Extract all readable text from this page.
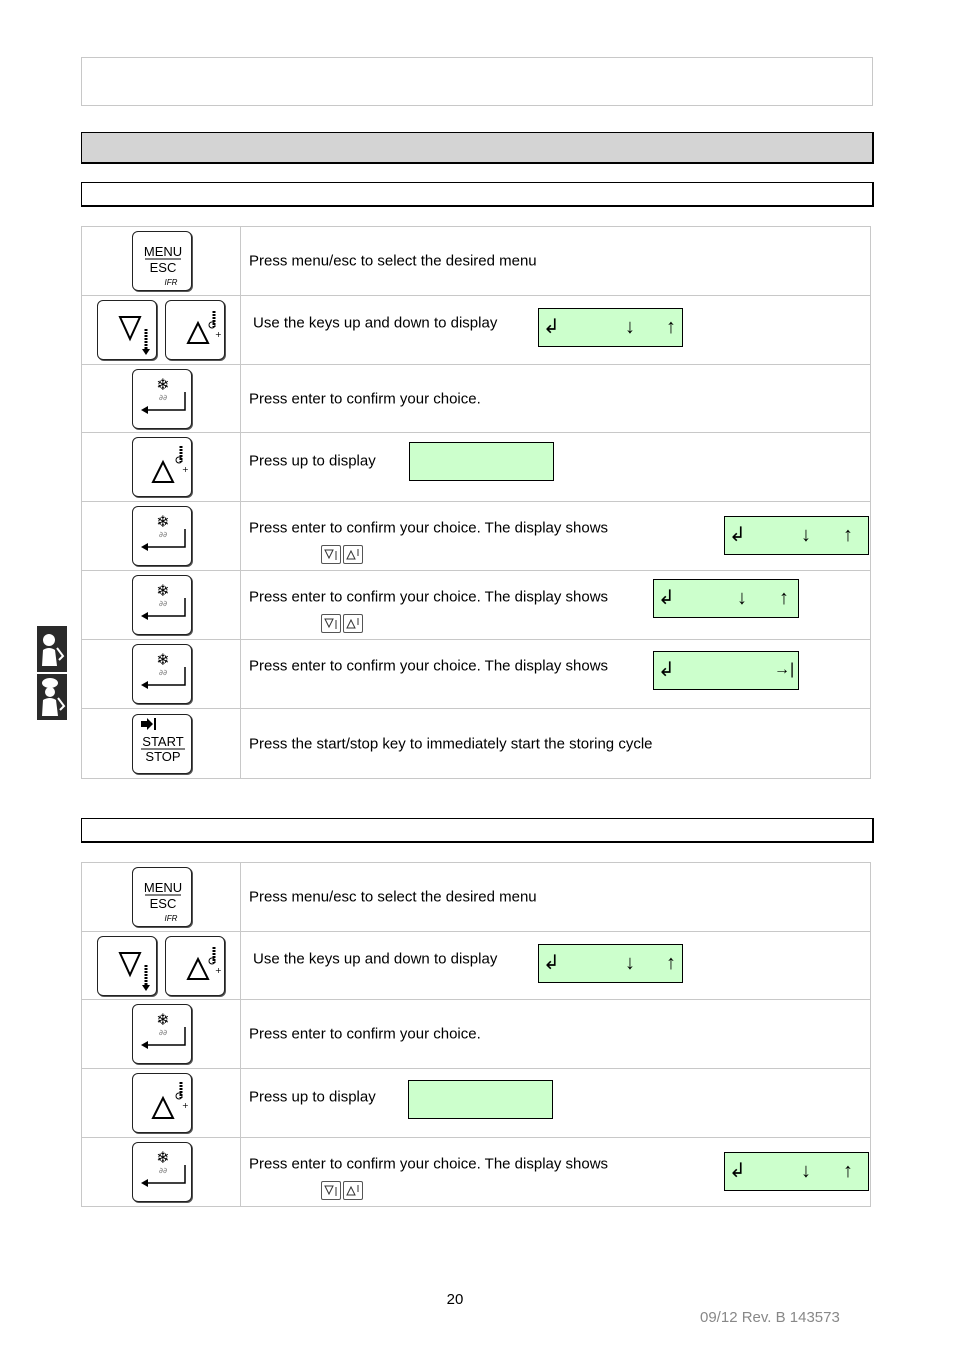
MENU
ESC
IFR	Press menu/esc to select the desired menu

+	Use the keys up and down to display ↲ ↓ ↑

❄
∂∂	Press enter to confirm your choice.

+	Press up to display

❄
∂∂	Press enter to confirm your choice. The display shows ↲ ↓ ↑

❄
∂∂	Press enter to confirm your choice. The display shows ↲ ↓ ↑

❄
∂∂	Press enter to confirm your choice. The display shows ↲ →|

START
STOP	Press the start/stop key to immediately start the storing cycle
MENU
ESC
IFR	Press menu/esc to select the desired menu

+	Use the keys up and down to display ↲ ↓ ↑

❄
∂∂	Press enter to confirm your choice.

+	Press up to display

❄
∂∂	Press enter to confirm your choice. The display shows ↲ ↓ ↑
20
09/12 Rev. B 143573
